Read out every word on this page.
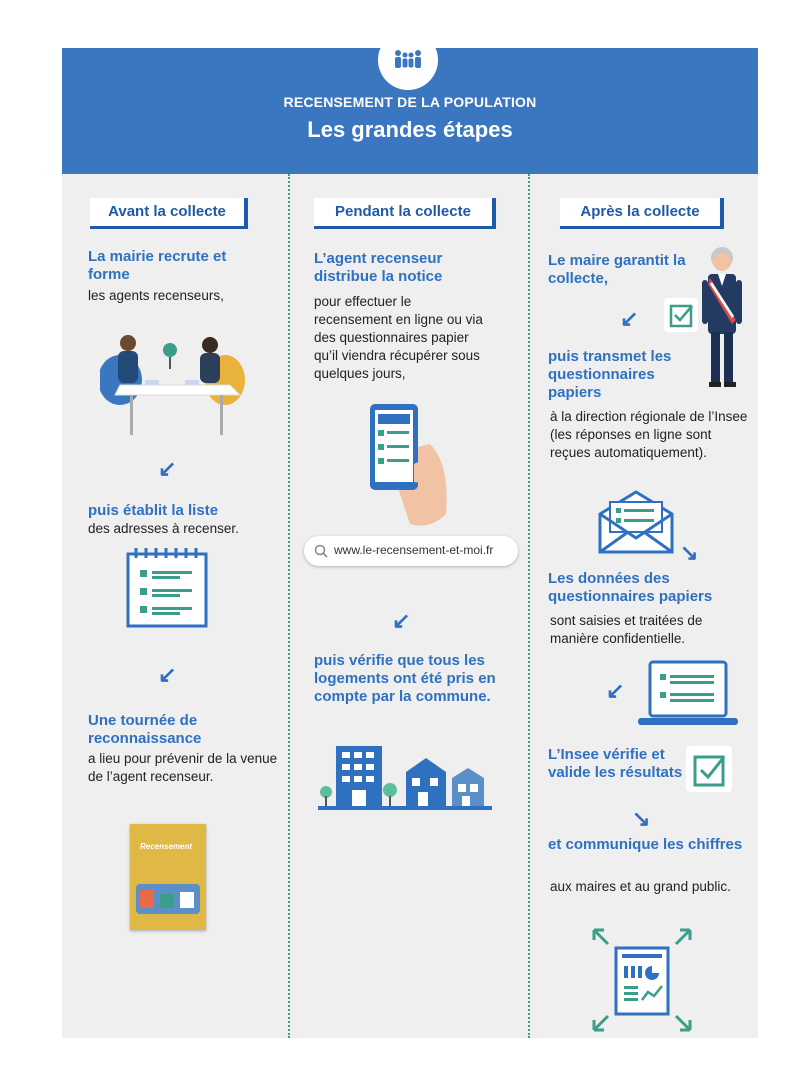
RECENSEMENT DE LA POPULATION
Les grandes étapes
Avant la collecte
La mairie recrute et forme
les agents recenseurs,
↙
puis établit la liste
des adresses à recenser.
↙
Une tournée de reconnaissance
a lieu pour prévenir de la venue de l’agent recenseur.
Recensement
Pendant la collecte
L’agent recenseur distribue la notice
pour effectuer le recensement en ligne ou via des questionnaires papier qu’il viendra récupérer sous quelques jours,
www.le-recensement-et-moi.fr
↙
puis vérifie que tous les logements ont été pris en compte par la commune.
Après la collecte
Le maire garantit la collecte,
↙
puis transmet les questionnaires papiers
à la direction régionale de l’Insee (les réponses en ligne sont reçues automatiquement).
↘
Les données des questionnaires papiers
sont saisies et traitées de manière confidentielle.
↙
L’Insee vérifie et valide les résultats
↘
et communique les chiffres
aux maires et au grand public.
